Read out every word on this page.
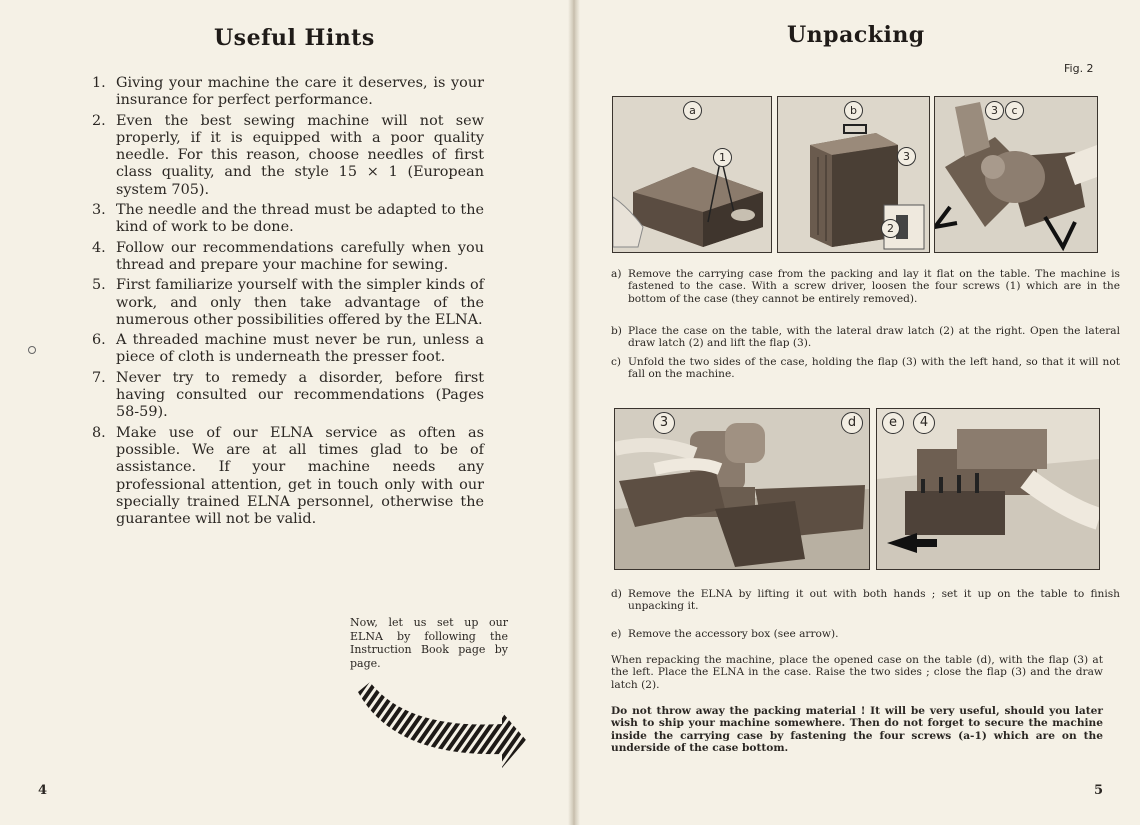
Useful Hints
1. Giving your machine the care it deserves, is your insurance for perfect performance.
2. Even the best sewing machine will not sew properly, if it is equipped with a poor quality needle. For this reason, choose needles of first class quality, and the style 15 × 1 (European system 705).
3. The needle and the thread must be adapted to the kind of work to be done.
4. Follow our recommendations carefully when you thread and prepare your machine for sewing.
5. First familiarize yourself with the simpler kinds of work, and only then take advantage of the numerous other possibilities offered by the ELNA.
6. A threaded machine must never be run, unless a piece of cloth is underneath the presser foot.
7. Never try to remedy a disorder, before first having consulted our recommendations (Pages 58-59).
8. Make use of our ELNA service as often as possible. We are at all times glad to be of assistance. If your machine needs any professional attention, get in touch only with our specially trained ELNA personnel, otherwise the guarantee will not be valid.
Now, let us set up our ELNA by following the Instruction Book page by page.
4
Unpacking
Fig. 2
a
1
b
3
2
3	c
a) Remove the carrying case from the packing and lay it flat on the table. The machine is fastened to the case. With a screw driver, loosen the four screws (1) which are in the bottom of the case (they cannot be entirely removed).
b) Place the case on the table, with the lateral draw latch (2) at the right. Open the lateral draw latch (2) and lift the flap (3).
c) Unfold the two sides of the case, holding the flap (3) with the left hand, so that it will not fall on the machine.
3	d	e	4
d) Remove the ELNA by lifting it out with both hands ; set it up on the table to finish unpacking it.
e) Remove the accessory box (see arrow).
When repacking the machine, place the opened case on the table (d), with the flap (3) at the left. Place the ELNA in the case. Raise the two sides ; close the flap (3) and the draw latch (2).
Do not throw away the packing material ! It will be very useful, should you later wish to ship your machine somewhere. Then do not forget to secure the machine inside the carrying case by fastening the four screws (a-1) which are on the underside of the case bottom.
5
